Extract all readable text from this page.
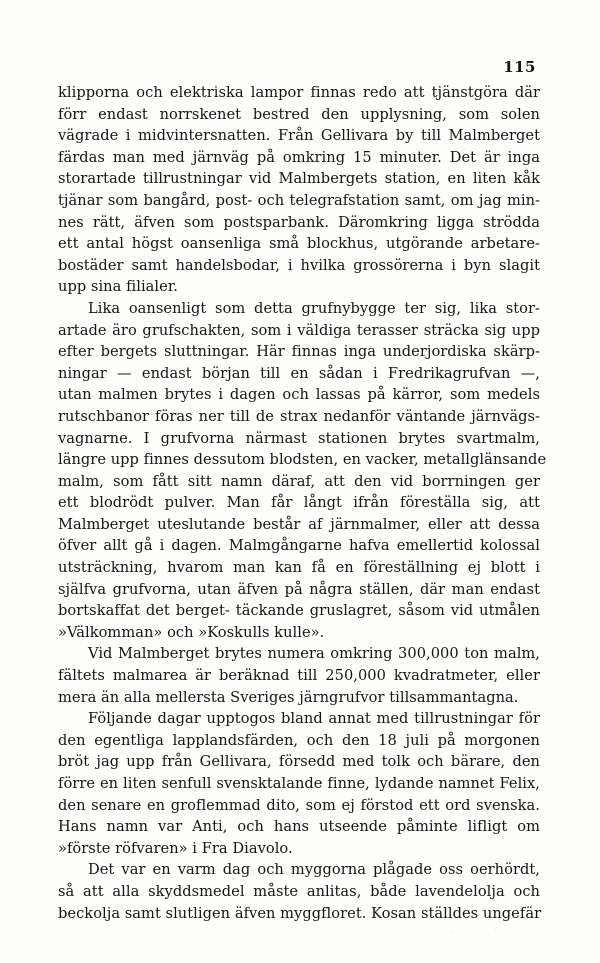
115
klipporna och elektriska lampor finnas redo att tjänstgöra där
förr endast norrskenet bestred den upplysning, som solen
vägrade i midvintersnatten. Från Gellivara by till Malmberget
färdas man med järnväg på omkring 15 minuter. Det är inga
storartade tillrustningar vid Malmbergets station, en liten kåk
tjänar som bangård, post- och telegrafstation samt, om jag min-
nes rätt, äfven som postsparbank. Däromkring ligga strödda
ett antal högst oansenliga små blockhus, utgörande arbetare-
bostäder samt handelsbodar, i hvilka grossörerna i byn slagit
upp sina filialer.
Lika oansenligt som detta grufnybygge ter sig, lika stor-
artade äro grufschakten, som i väldiga terasser sträcka sig upp
efter bergets sluttningar. Här finnas inga underjordiska skärp-
ningar — endast början till en sådan i Fredrikagrufvan —,
utan malmen brytes i dagen och lassas på kärror, som medels
rutschbanor föras ner till de strax nedanför väntande järnvägs-
vagnarne. I grufvorna närmast stationen brytes svartmalm,
längre upp finnes dessutom blodsten, en vacker, metallglänsande
malm, som fått sitt namn däraf, att den vid borrningen ger
ett blodrödt pulver. Man får långt ifrån föreställa sig, att
Malmberget uteslutande består af järnmalmer, eller att dessa
öfver allt gå i dagen. Malmgångarne hafva emellertid kolossal
utsträckning, hvarom man kan få en föreställning ej blott i
själfva grufvorna, utan äfven på några ställen, där man endast
bortskaffat det berget- täckande gruslagret, såsom vid utmålen
»Välkomman» och »Koskulls kulle».
Vid Malmberget brytes numera omkring 300,000 ton malm,
fältets malmarea är beräknad till 250,000 kvadratmeter, eller
mera än alla mellersta Sveriges järngrufvor tillsammantagna.
Följande dagar upptogos bland annat med tillrustningar för
den egentliga lapplandsfärden, och den 18 juli på morgonen
bröt jag upp från Gellivara, försedd med tolk och bärare, den
förre en liten senfull svensktalande finne, lydande namnet Felix,
den senare en groflemmad dito, som ej förstod ett ord svenska.
Hans namn var Anti, och hans utseende påminte lifligt om
»förste röfvaren» i Fra Diavolo.
Det var en varm dag och myggorna plågade oss oerhördt,
så att alla skyddsmedel måste anlitas, både lavendelolja och
beckolja samt slutligen äfven myggfloret. Kosan ställdes ungefär
